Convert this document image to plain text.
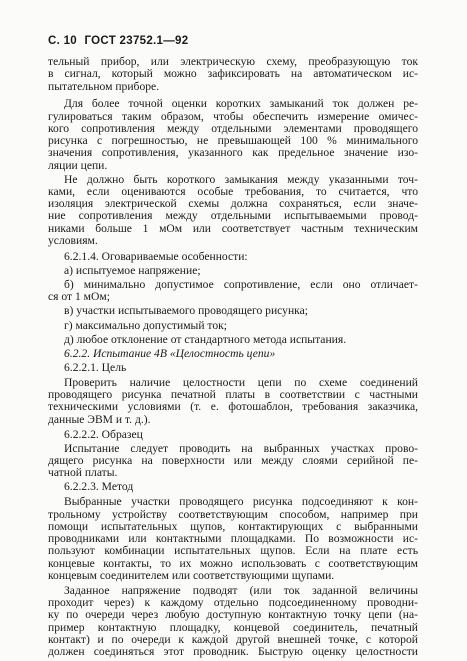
С. 10 ГОСТ 23752.1—92
тельный прибор, или электрическую схему, преобразующую ток
в сигнал, который можно зафиксировать на автоматическом ис-
пытательном приборе.
Для более точной оценки коротких замыканий ток должен ре-
гулироваться таким образом, чтобы обеспечить измерение омичес-
кого сопротивления между отдельными элементами проводящего
рисунка с погрешностью, не превышающей 100 % минимального
значения сопротивления, указанного как предельное значение изо-
ляции цепи.
Не должно быть короткого замыкания между указанными точ-
ками, если оцениваются особые требования, то считается, что
изоляция электрической схемы должна сохраняться, если значе-
ние сопротивления между отдельными испытываемыми провод-
никами больше 1 мОм или соответствует частным техническим
условиям.
6.2.1.4. Оговариваемые особенности:
а) испытуемое напряжение;
б) минимально допустимое сопротивление, если оно отличает-
ся от 1 мОм;
в) участки испытываемого проводящего рисунка;
г) максимально допустимый ток;
д) любое отклонение от стандартного метода испытания.
6.2.2. Испытание 4В «Целостность цепи»
6.2.2.1. Цель
Проверить наличие целостности цепи по схеме соединений
проводящего рисунка печатной платы в соответствии с частными
техническими условиями (т. е. фотошаблон, требования заказчика,
данные ЭВМ и т. д.).
6.2.2.2. Образец
Испытание следует проводить на выбранных участках прово-
дящего рисунка на поверхности или между слоями серийной пе-
чатной платы.
6.2.2.3. Метод
Выбранные участки проводящего рисунка подсоединяют к кон-
трольному устройству соответствующим способом, например при
помощи испытательных щупов, контактирующих с выбранными
проводниками или контактными площадками. По возможности ис-
пользуют комбинации испытательных щупов. Если на плате есть
концевые контакты, то их можно использовать с соответствующим
концевым соединителем или соответствующими щупами.
Заданное напряжение подводят (или ток заданной величины
проходит через) к каждому отдельно подсоединенному проводни-
ку по очереди через любую доступную контактную точку цепи (на-
пример контактную площадку, концевой соединитель, печатный
контакт) и по очереди к каждой другой внешней точке, с которой
должен соединяться этот проводник. Быструю оценку целостности
